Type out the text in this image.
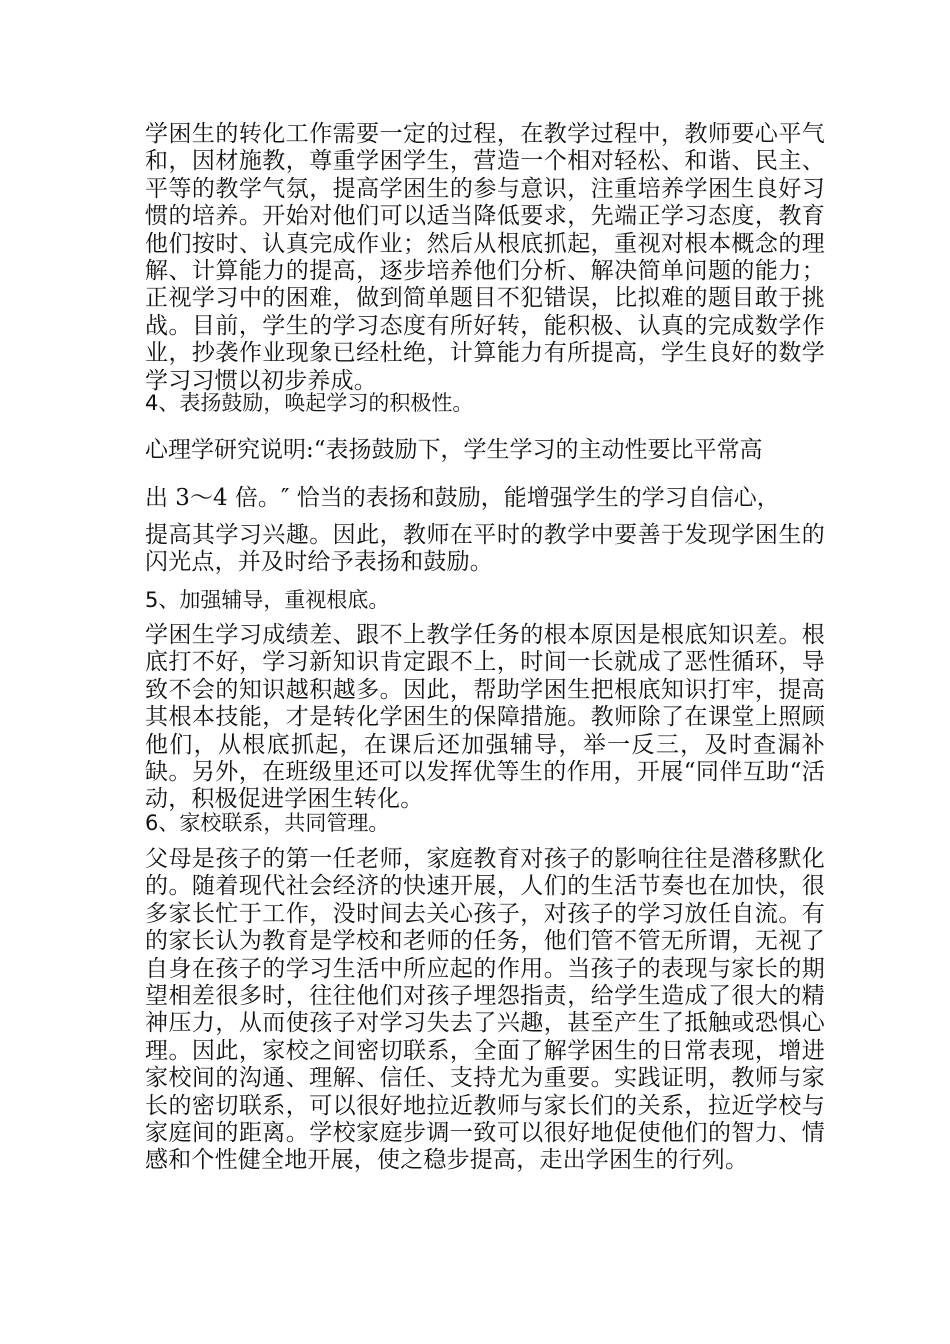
学困生的转化工作需要一定的过程，在教学过程中，教师要心平气和，因材施教，尊重学困学生，营造一个相对轻松、和谐、民主、平等的教学气氛，提高学困生的参与意识，注重培养学困生良好习惯的培养。开始对他们可以适当降低要求，先端正学习态度，教育他们按时、认真完成作业；然后从根底抓起，重视对根本概念的理解、计算能力的提高，逐步培养他们分析、解决简单问题的能力；正视学习中的困难，做到简单题目不犯错误，比拟难的题目敢于挑战。目前，学生的学习态度有所好转，能积极、认真的完成数学作业，抄袭作业现象已经杜绝，计算能力有所提高，学生良好的数学学习习惯以初步养成。

4、表扬鼓励，唤起学习的积极性。

心理学研究说明:“表扬鼓励下，学生学习的主动性要比平常高

出 3～4 倍。″ 恰当的表扬和鼓励，能增强学生的学习自信心，

提高其学习兴趣。因此，教师在平时的教学中要善于发现学困生的闪光点，并及时给予表扬和鼓励。

5、加强辅导，重视根底。

学困生学习成绩差、跟不上教学任务的根本原因是根底知识差。根底打不好，学习新知识肯定跟不上，时间一长就成了恶性循环，导致不会的知识越积越多。因此，帮助学困生把根底知识打牢，提高其根本技能，才是转化学困生的保障措施。教师除了在课堂上照顾他们，从根底抓起，在课后还加强辅导，举一反三，及时查漏补缺。另外，在班级里还可以发挥优等生的作用，开展“同伴互助“活动，积极促进学困生转化。

6、家校联系，共同管理。

父母是孩子的第一任老师，家庭教育对孩子的影响往往是潜移默化的。随着现代社会经济的快速开展，人们的生活节奏也在加快，很多家长忙于工作，没时间去关心孩子，对孩子的学习放任自流。有的家长认为教育是学校和老师的任务，他们管不管无所谓，无视了自身在孩子的学习生活中所应起的作用。当孩子的表现与家长的期望相差很多时，往往他们对孩子埋怨指责，给学生造成了很大的精神压力，从而使孩子对学习失去了兴趣，甚至产生了抵触或恐惧心理。因此，家校之间密切联系，全面了解学困生的日常表现，增进家校间的沟通、理解、信任、支持尤为重要。实践证明，教师与家长的密切联系，可以很好地拉近教师与家长们的关系，拉近学校与家庭间的距离。学校家庭步调一致可以很好地促使他们的智力、情感和个性健全地开展，使之稳步提高，走出学困生的行列。
